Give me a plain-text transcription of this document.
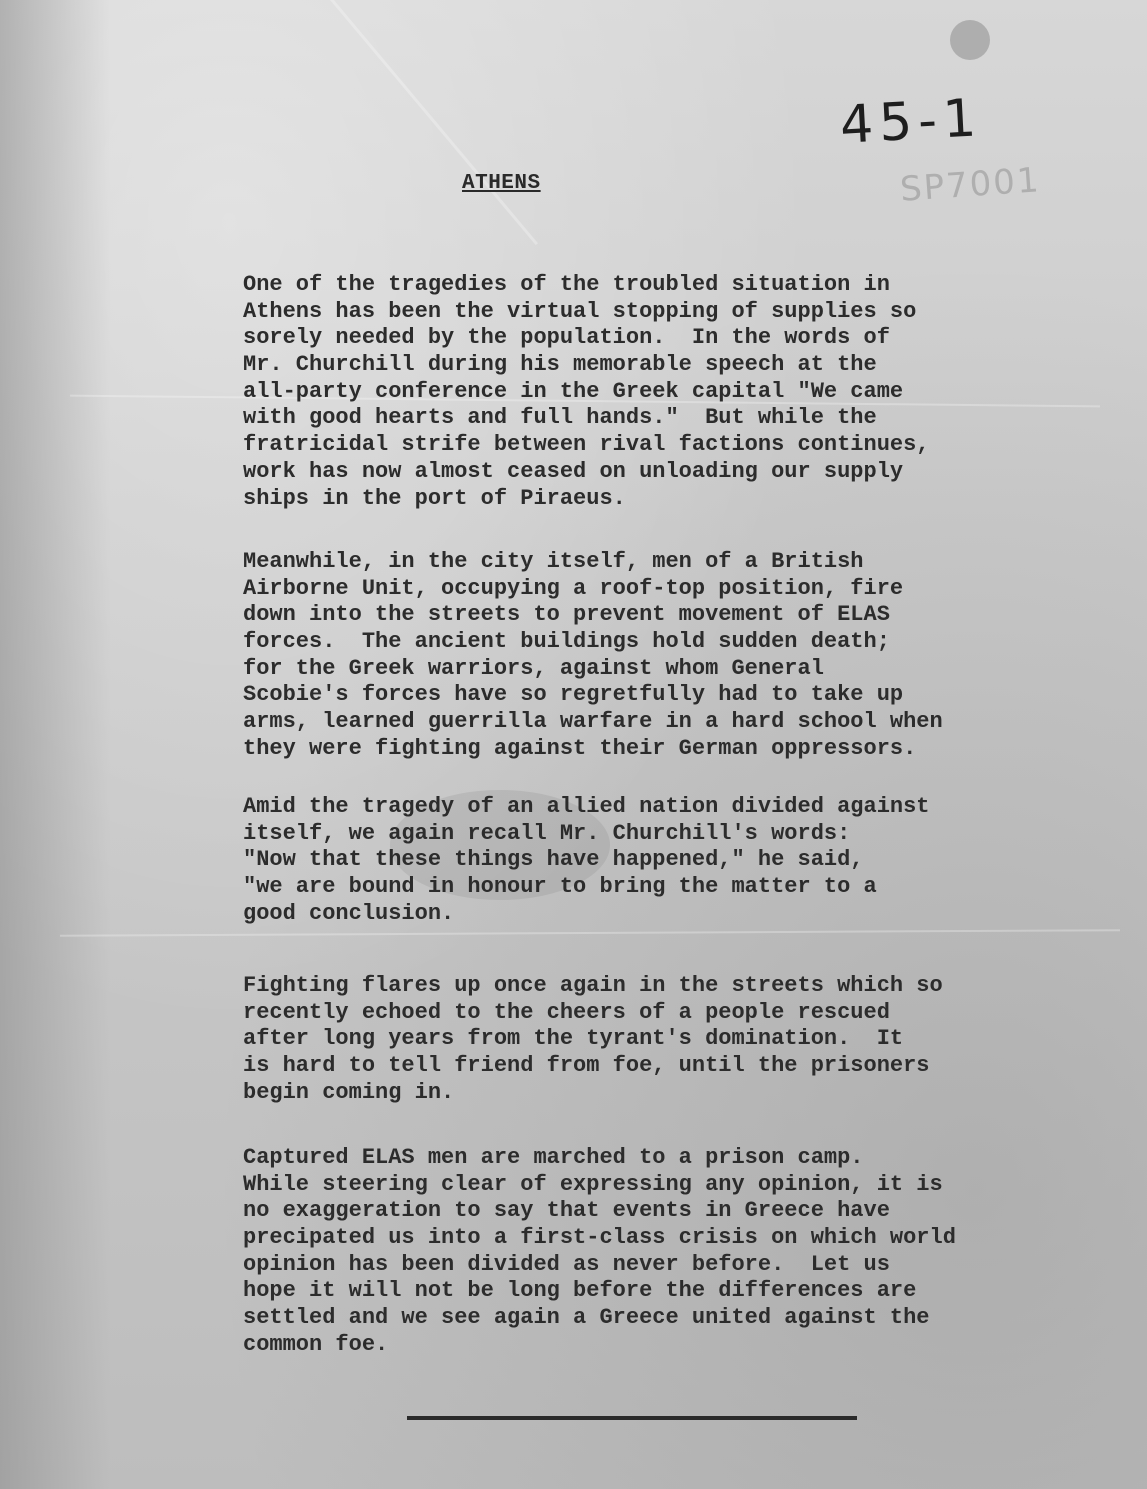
45-1
SP7001
ATHENS
One of the tragedies of the troubled situation in
Athens has been the virtual stopping of supplies so
sorely needed by the population.  In the words of
Mr. Churchill during his memorable speech at the
all-party conference in the Greek capital "We came
with good hearts and full hands."  But while the
fratricidal strife between rival factions continues,
work has now almost ceased on unloading our supply
ships in the port of Piraeus.
Meanwhile, in the city itself, men of a British
Airborne Unit, occupying a roof-top position, fire
down into the streets to prevent movement of ELAS
forces.  The ancient buildings hold sudden death;
for the Greek warriors, against whom General
Scobie's forces have so regretfully had to take up
arms, learned guerrilla warfare in a hard school when
they were fighting against their German oppressors.
Amid the tragedy of an allied nation divided against
itself, we again recall Mr. Churchill's words:
"Now that these things have happened," he said,
"we are bound in honour to bring the matter to a
good conclusion.
Fighting flares up once again in the streets which so
recently echoed to the cheers of a people rescued
after long years from the tyrant's domination.  It
is hard to tell friend from foe, until the prisoners
begin coming in.
Captured ELAS men are marched to a prison camp.
While steering clear of expressing any opinion, it is
no exaggeration to say that events in Greece have
precipated us into a first-class crisis on which world
opinion has been divided as never before.  Let us
hope it will not be long before the differences are
settled and we see again a Greece united against the
common foe.
